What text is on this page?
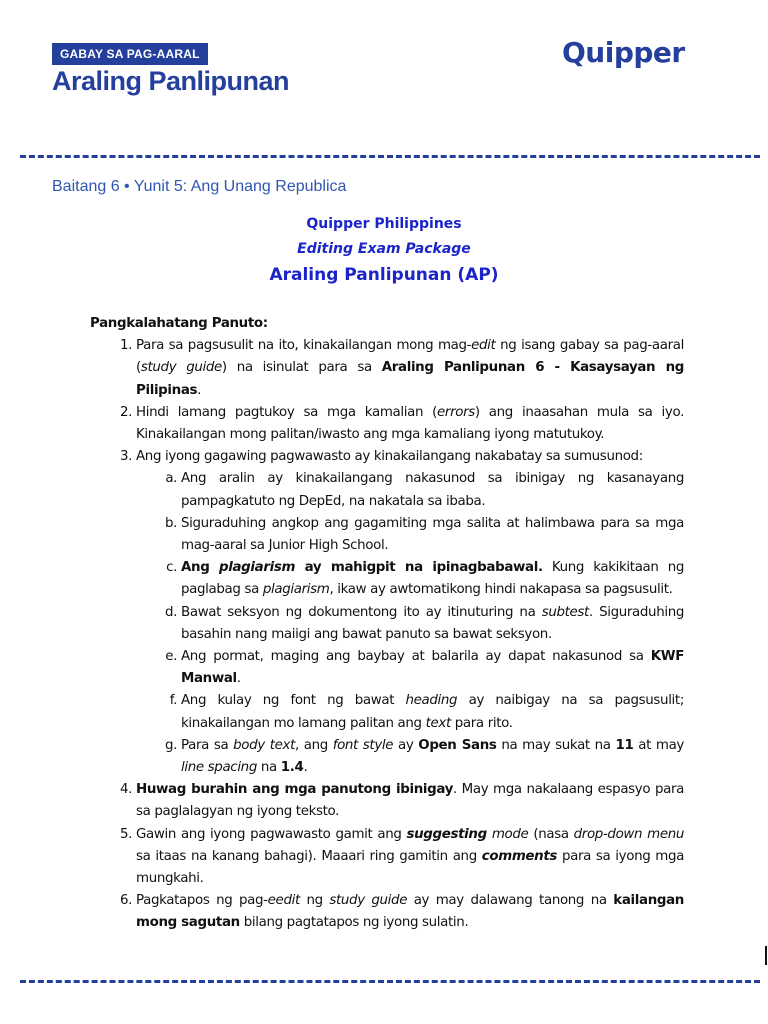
GABAY SA PAG-AARAL
Araling Panlipunan
Quipper
Baitang 6 • Yunit 5: Ang Unang Republica
Quipper Philippines
Editing Exam Package
Araling Panlipunan (AP)

Pangkalahatang Panuto:

1. Para sa pagsusulit na ito, kinakailangan mong mag-edit ng isang gabay sa pag-aaral (study guide) na isinulat para sa Araling Panlipunan 6 - Kasaysayan ng Pilipinas.
2. Hindi lamang pagtukoy sa mga kamalian (errors) ang inaasahan mula sa iyo. Kinakailangan mong palitan/iwasto ang mga kamaliang iyong matutukoy.
3. Ang iyong gagawing pagwawasto ay kinakailangang nakabatay sa sumusunod:
a. Ang aralin ay kinakailangang nakasunod sa ibinigay ng kasanayang pampagkatuto ng DepEd, na nakatala sa ibaba.
b. Siguraduhing angkop ang gagamiting mga salita at halimbawa para sa mga mag-aaral sa Junior High School.
c. Ang plagiarism ay mahigpit na ipinagbabawal. Kung kakikitaan ng paglabag sa plagiarism, ikaw ay awtomatikong hindi nakapasa sa pagsusulit.
d. Bawat seksyon ng dokumentong ito ay itinuturing na subtest. Siguraduhing basahin nang maiigi ang bawat panuto sa bawat seksyon.
e. Ang pormat, maging ang baybay at balarila ay dapat nakasunod sa KWF Manwal.
f. Ang kulay ng font ng bawat heading ay naibigay na sa pagsusulit; kinakailangan mo lamang palitan ang text para rito.
g. Para sa body text, ang font style ay Open Sans na may sukat na 11 at may line spacing na 1.4.
4. Huwag burahin ang mga panutong ibinigay. May mga nakalaang espasyo para sa paglalagyan ng iyong teksto.
5. Gawin ang iyong pagwawasto gamit ang suggesting mode (nasa drop-down menu sa itaas na kanang bahagi). Maaari ring gamitin ang comments para sa iyong mga mungkahi.
6. Pagkatapos ng pag-eedit ng study guide ay may dalawang tanong na kailangan mong sagutan bilang pagtatapos ng iyong sulatin.
